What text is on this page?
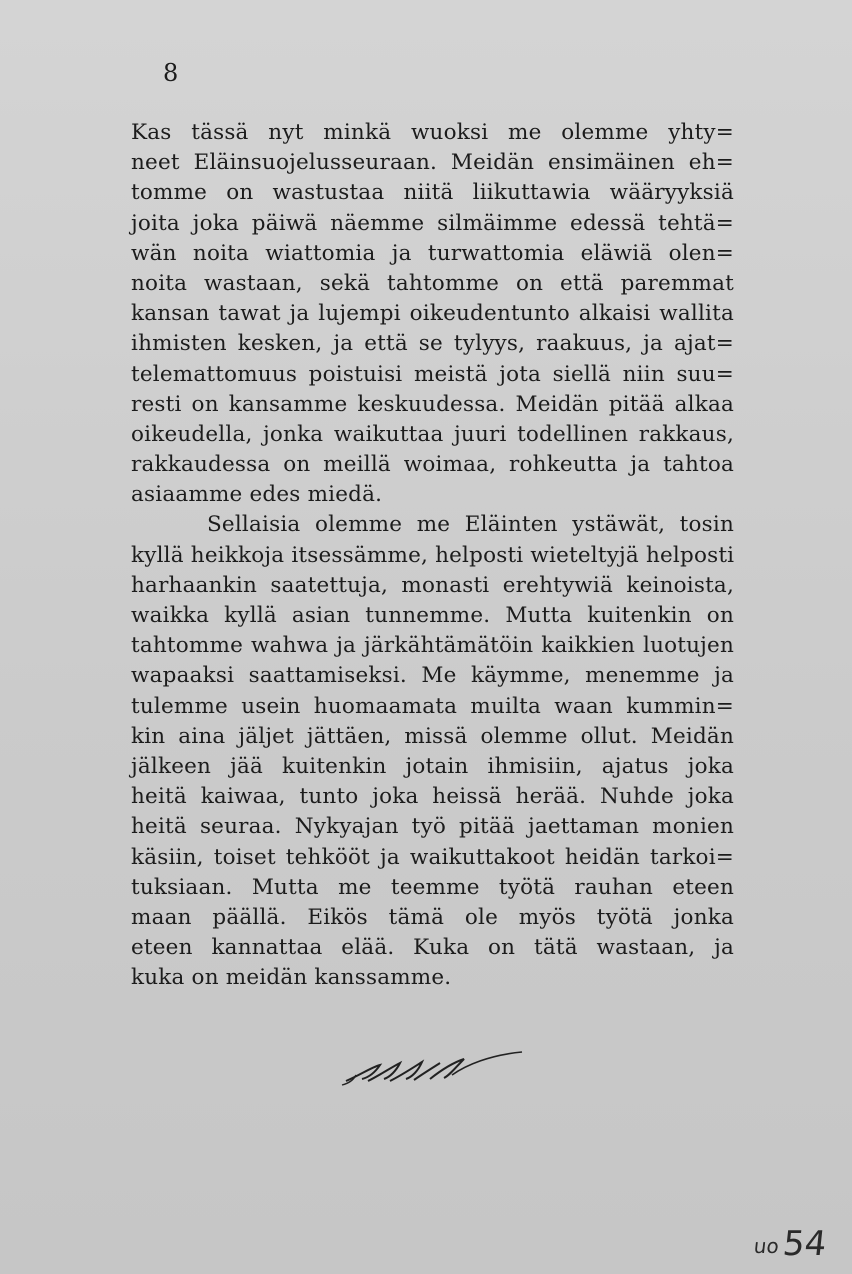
8
Kas tässä nyt minkä wuoksi me olemme yhty=
neet Eläinsuojelusseuraan. Meidän ensimäinen eh=
tomme on wastustaa niitä liikuttawia wääryyksiä
joita joka päiwä näemme silmäimme edessä tehtä=
wän noita wiattomia ja turwattomia eläwiä olen=
noita wastaan, sekä tahtomme on että paremmat
kansan tawat ja lujempi oikeudentunto alkaisi wallita
ihmisten kesken, ja että se tylyys, raakuus, ja ajat=
telemattomuus poistuisi meistä jota siellä niin suu=
resti on kansamme keskuudessa. Meidän pitää alkaa
oikeudella, jonka waikuttaa juuri todellinen rakkaus,
rakkaudessa on meillä woimaa, rohkeutta ja tahtoa
asiaamme edes miedä.
Sellaisia olemme me Eläinten ystäwät, tosin
kyllä heikkoja itsessämme, helposti wieteltyjä helposti
harhaankin saatettuja, monasti erehtywiä keinoista,
waikka kyllä asian tunnemme. Mutta kuitenkin on
tahtomme wahwa ja järkähtämätöin kaikkien luotujen
wapaaksi saattamiseksi. Me käymme, menemme ja
tulemme usein huomaamata muilta waan kummin=
kin aina jäljet jättäen, missä olemme ollut. Meidän
jälkeen jää kuitenkin jotain ihmisiin, ajatus joka
heitä kaiwaa, tunto joka heissä herää. Nuhde joka
heitä seuraa. Nykyajan työ pitää jaettaman monien
käsiin, toiset tehkööt ja waikuttakoot heidän tarkoi=
tuksiaan. Mutta me teemme työtä rauhan eteen
maan päällä. Eikös tämä ole myös työtä jonka
eteen kannattaa elää. Kuka on tätä wastaan, ja
kuka on meidän kanssamme.
uo54
